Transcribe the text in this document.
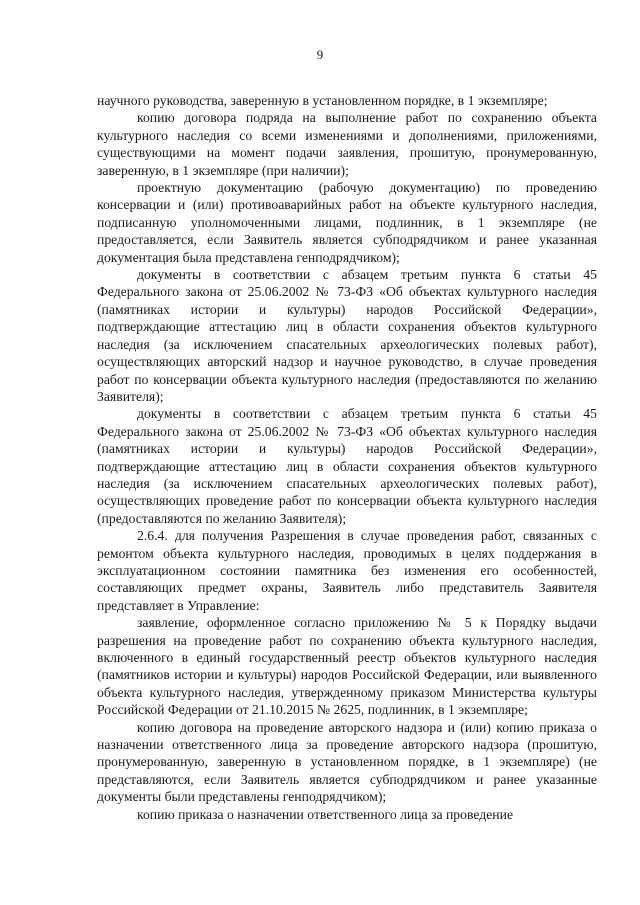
9

научного руководства, заверенную в установленном порядке, в 1 экземпляре;

копию договора подряда на выполнение работ по сохранению объекта культурного наследия со всеми изменениями и дополнениями, приложениями, существующими на момент подачи заявления, прошитую, пронумерованную, заверенную, в 1 экземпляре (при наличии);

проектную документацию (рабочую документацию) по проведению консервации и (или) противоаварийных работ на объекте культурного наследия, подписанную уполномоченными лицами, подлинник, в 1 экземпляре (не предоставляется, если Заявитель является субподрядчиком и ранее указанная документация была представлена генподрядчиком);

документы в соответствии с абзацем третьим пункта 6 статьи 45 Федерального закона от 25.06.2002 № 73-ФЗ «Об объектах культурного наследия (памятниках истории и культуры) народов Российской Федерации», подтверждающие аттестацию лиц в области сохранения объектов культурного наследия (за исключением спасательных археологических полевых работ), осуществляющих авторский надзор и научное руководство, в случае проведения работ по консервации объекта культурного наследия (предоставляются по желанию Заявителя);

документы в соответствии с абзацем третьим пункта 6 статьи 45 Федерального закона от 25.06.2002 № 73-ФЗ «Об объектах культурного наследия (памятниках истории и культуры) народов Российской Федерации», подтверждающие аттестацию лиц в области сохранения объектов культурного наследия (за исключением спасательных археологических полевых работ), осуществляющих проведение работ по консервации объекта культурного наследия (предоставляются по желанию Заявителя);

2.6.4. для получения Разрешения в случае проведения работ, связанных с ремонтом объекта культурного наследия, проводимых в целях поддержания в эксплуатационном состоянии памятника без изменения его особенностей, составляющих предмет охраны, Заявитель либо представитель Заявителя представляет в Управление:

заявление, оформленное согласно приложению № 5 к Порядку выдачи разрешения на проведение работ по сохранению объекта культурного наследия, включенного в единый государственный реестр объектов культурного наследия (памятников истории и культуры) народов Российской Федерации, или выявленного объекта культурного наследия, утвержденному приказом Министерства культуры Российской Федерации от 21.10.2015 № 2625, подлинник, в 1 экземпляре;

копию договора на проведение авторского надзора и (или) копию приказа о назначении ответственного лица за проведение авторского надзора (прошитую, пронумерованную, заверенную в установленном порядке, в 1 экземпляре) (не представляются, если Заявитель является субподрядчиком и ранее указанные документы были представлены генподрядчиком);

копию приказа о назначении ответственного лица за проведение
